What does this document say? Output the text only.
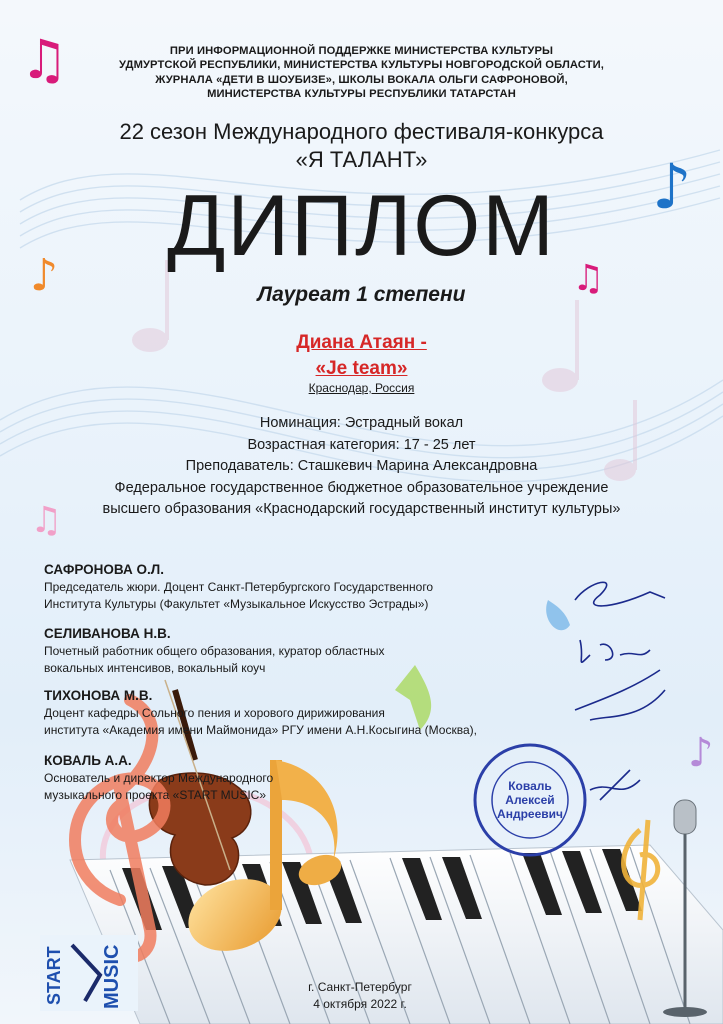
♫
♪
♪	♫
♫
♪
ПРИ ИНФОРМАЦИОННОЙ ПОДДЕРЖКЕ МИНИСТЕРСТВА КУЛЬТУРЫ
УДМУРТСКОЙ РЕСПУБЛИКИ, МИНИСТЕРСТВА КУЛЬТУРЫ НОВГОРОДСКОЙ ОБЛАСТИ,
ЖУРНАЛА «ДЕТИ В ШОУБИЗЕ», ШКОЛЫ ВОКАЛА ОЛЬГИ САФРОНОВОЙ,
МИНИСТЕРСТВА КУЛЬТУРЫ РЕСПУБЛИКИ ТАТАРСТАН
22 сезон Международного фестиваля-конкурса
«Я ТАЛАНТ»
ДИПЛОМ
Лауреат 1 степени
Диана Атаян -
«Je team»
Краснодар, Россия
Номинация: Эстрадный вокал
Возрастная категория: 17 - 25 лет
Преподаватель: Сташкевич Марина Александровна
Федеральное государственное бюджетное образовательное учреждение
высшего образования «Краснодарский государственный институт культуры»
САФРОНОВА О.Л.
Председатель жюри. Доцент Санкт-Петербургского Государственного
Института Культуры (Факультет «Музыкальное Искусство Эстрады»)
СЕЛИВАНОВА Н.В.
Почетный работник общего образования, куратор областных
вокальных интенсивов, вокальный коуч
ТИХОНОВА М.В.
Доцент кафедры Сольного пения и хорового дирижирования
института «Академия имени Маймонида» РГУ имени А.Н.Косыгина (Москва),
КОВАЛЬ А.А.
Основатель и директор Международного
музыкального проекта «START MUSIC»
Коваль
Алексей
Андреевич
START MUSIC	г. Санкт-Петербург
4 октября 2022 г.
